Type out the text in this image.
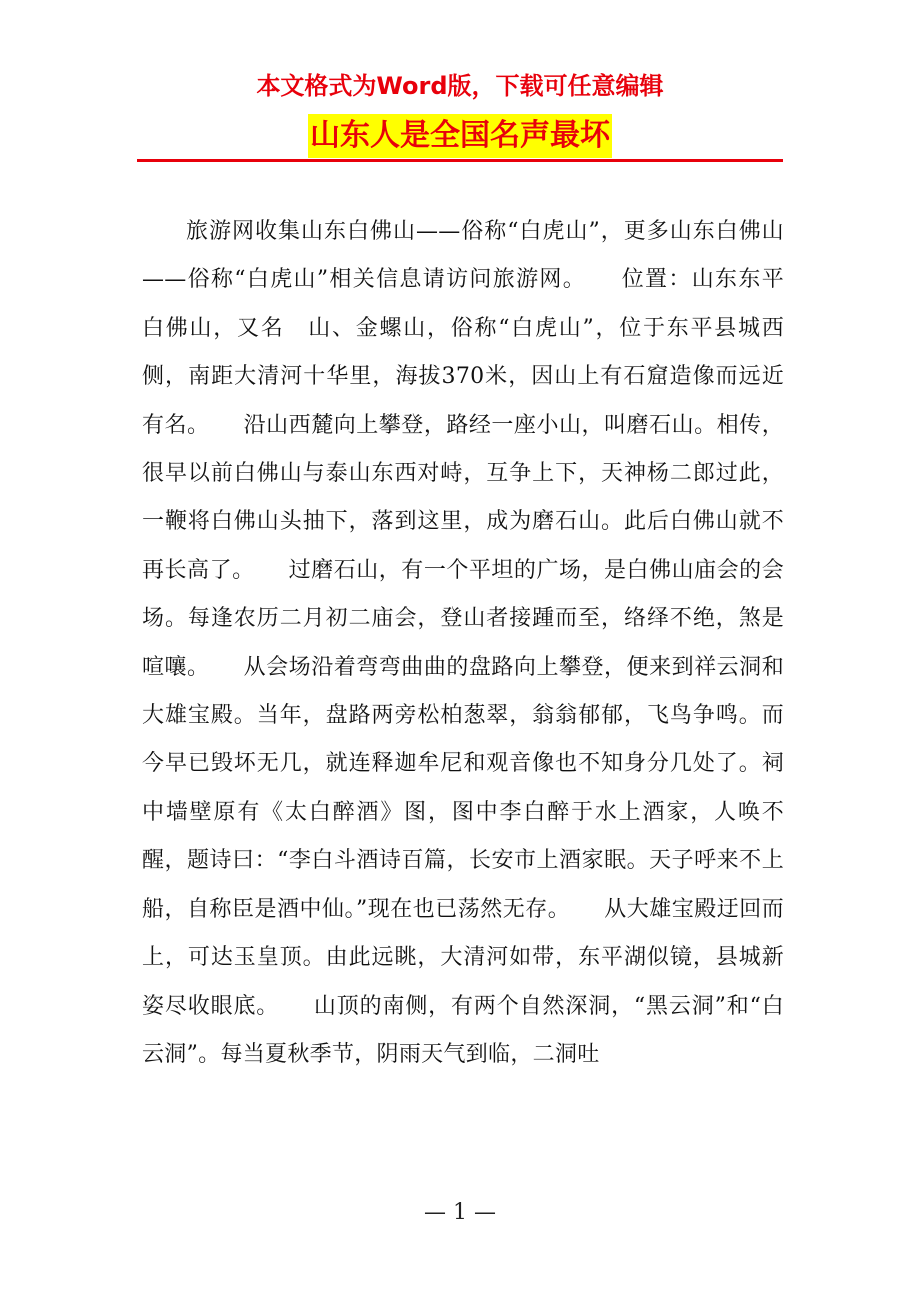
本文格式为Word版，下载可任意编辑
山东人是全国名声最坏

旅游网收集山东白佛山——俗称“白虎山”，更多山东白佛山——俗称“白虎山”相关信息请访问旅游网。　　位置：山东东平　　白佛山，又名　山、金螺山，俗称“白虎山”，位于东平县城西侧，南距大清河十华里，海拔370米，因山上有石窟造像而远近有名。　　沿山西麓向上攀登，路经一座小山，叫磨石山。相传，很早以前白佛山与泰山东西对峙，互争上下，天神杨二郎过此，一鞭将白佛山头抽下，落到这里，成为磨石山。此后白佛山就不再长高了。　　过磨石山，有一个平坦的广场，是白佛山庙会的会场。每逢农历二月初二庙会，登山者接踵而至，络绎不绝，煞是喧嚷。　　从会场沿着弯弯曲曲的盘路向上攀登，便来到祥云洞和大雄宝殿。当年，盘路两旁松柏葱翠，翁翁郁郁，飞鸟争鸣。而今早已毁坏无几，就连释迦牟尼和观音像也不知身分几处了。祠中墙壁原有《太白醉酒》图，图中李白醉于水上酒家，人唤不醒，题诗曰：“李白斗酒诗百篇，长安市上酒家眠。天子呼来不上船，自称臣是酒中仙。”现在也已荡然无存。　　从大雄宝殿迂回而上，可达玉皇顶。由此远眺，大清河如带，东平湖似镜，县城新姿尽收眼底。　　山顶的南侧，有两个自然深洞，“黑云洞”和“白云洞”。每当夏秋季节，阴雨天气到临，二洞吐

— 1 —
